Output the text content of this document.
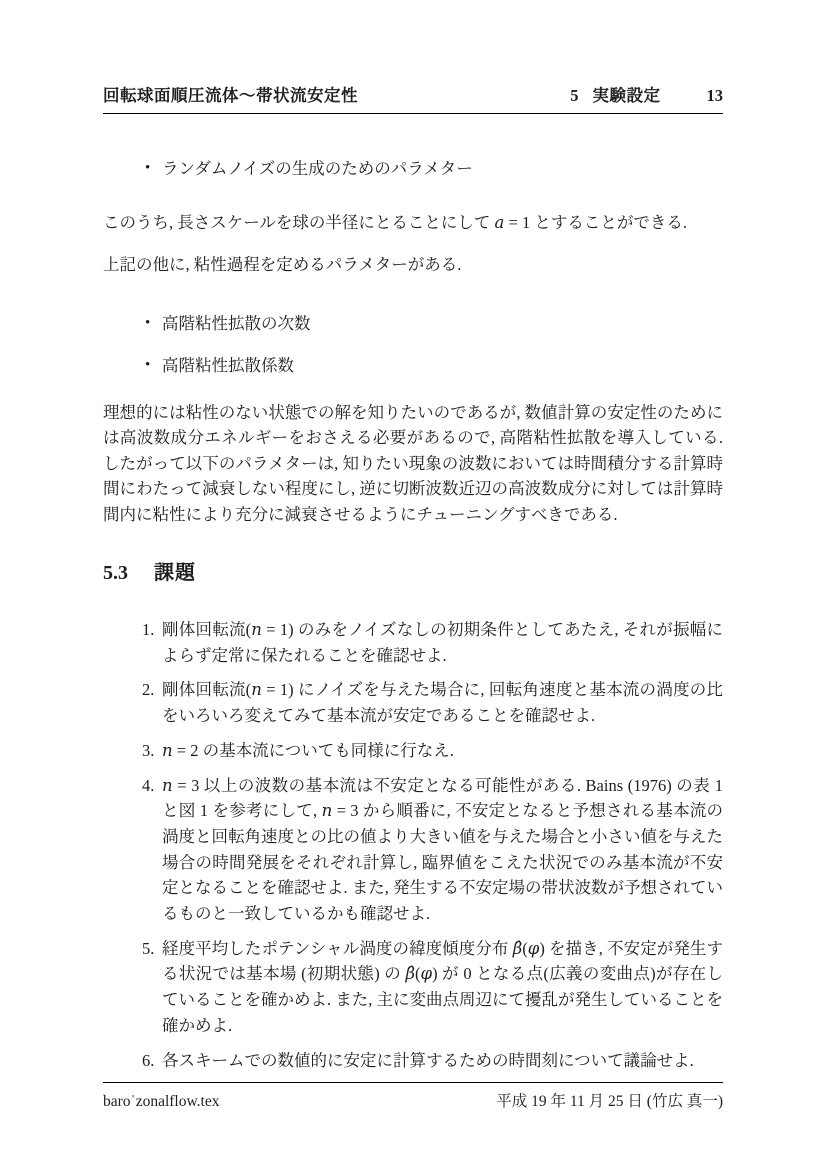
回転球面順圧流体～帯状流安定性	5 実験設定	13
• ランダムノイズの生成のためのパラメター
このうち, 長さスケールを球の半径にとることにして a = 1 とすることができる.
上記の他に, 粘性過程を定めるパラメターがある.
• 高階粘性拡散の次数
• 高階粘性拡散係数
理想的には粘性のない状態での解を知りたいのであるが, 数値計算の安定性のためには高波数成分エネルギーをおさえる必要があるので, 高階粘性拡散を導入している. したがって以下のパラメターは, 知りたい現象の波数においては時間積分する計算時間にわたって減衰しない程度にし, 逆に切断波数近辺の高波数成分に対しては計算時間内に粘性により充分に減衰させるようにチューニングすべきである.
5.3 課題
1. 剛体回転流(n = 1) のみをノイズなしの初期条件としてあたえ, それが振幅によらず定常に保たれることを確認せよ.
2. 剛体回転流(n = 1) にノイズを与えた場合に, 回転角速度と基本流の渦度の比をいろいろ変えてみて基本流が安定であることを確認せよ.
3. n = 2 の基本流についても同様に行なえ.
4. n = 3 以上の波数の基本流は不安定となる可能性がある. Bains (1976) の表 1 と図 1 を参考にして, n = 3 から順番に, 不安定となると予想される基本流の渦度と回転角速度との比の値より大きい値を与えた場合と小さい値を与えた場合の時間発展をそれぞれ計算し, 臨界値をこえた状況でのみ基本流が不安定となることを確認せよ. また, 発生する不安定場の帯状波数が予想されているものと一致しているかも確認せよ.
5. 経度平均したポテンシャル渦度の緯度傾度分布 β̂(φ) を描き, 不安定が発生する状況では基本場 (初期状態) の β̂(φ) が 0 となる点(広義の変曲点)が存在していることを確かめよ. また, 主に変曲点周辺にて擾乱が発生していることを確かめよ.
6. 各スキームでの数値的に安定に計算するための時間刻について議論せよ.
baroˈzonalflow.tex	平成 19 年 11 月 25 日 (竹広 真一)
